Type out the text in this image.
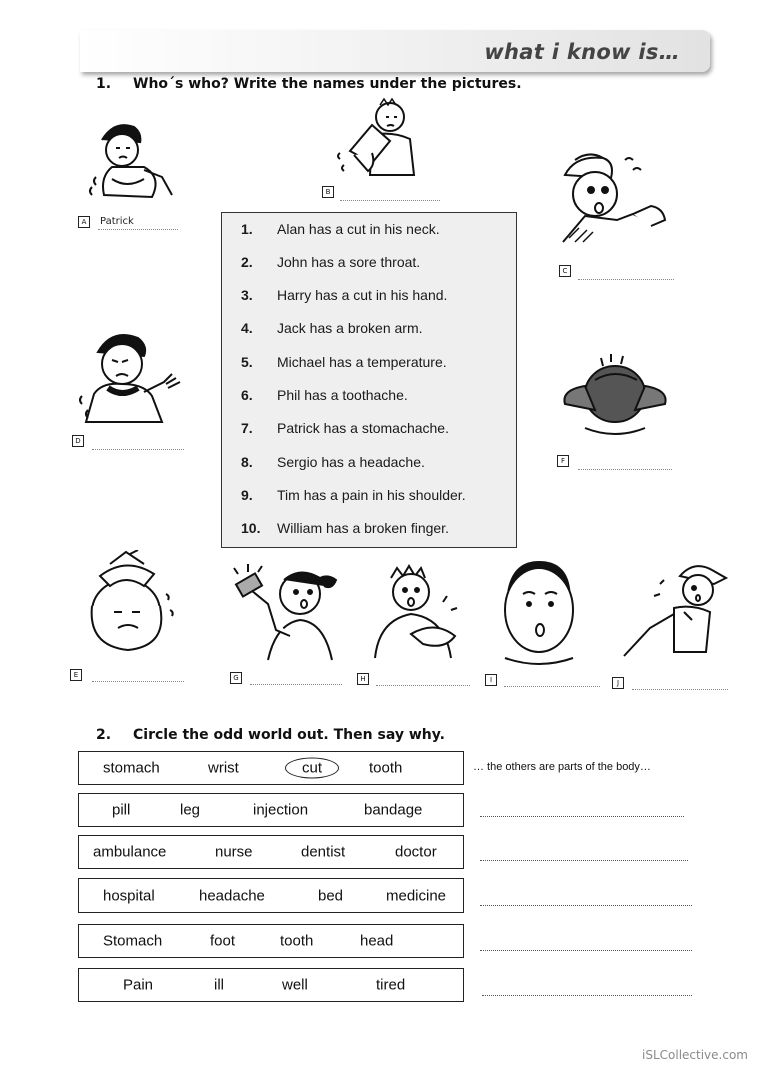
what i know is…
1. Who´s who? Write the names under the pictures.
A	Patrick
B
C
D
F
1. Alan has a cut in his neck.
2. John has a sore throat.
3. Harry has a cut in his hand.
4. Jack has a broken arm.
5. Michael has a temperature.
6. Phil has a toothache.
7. Patrick has a stomachache.
8. Sergio has a headache.
9. Tim has a pain in his shoulder.
10. William has a broken finger.
E	G	H	I	J
2. Circle the odd world out. Then say why.
stomach	wrist	cut	tooth	… the others are parts of the body…
pill	leg	injection	bandage
ambulance	nurse	dentist	doctor
hospital	headache	bed	medicine
Stomach	foot	tooth	head
Pain	ill	well	tired
iSLCollective.com
